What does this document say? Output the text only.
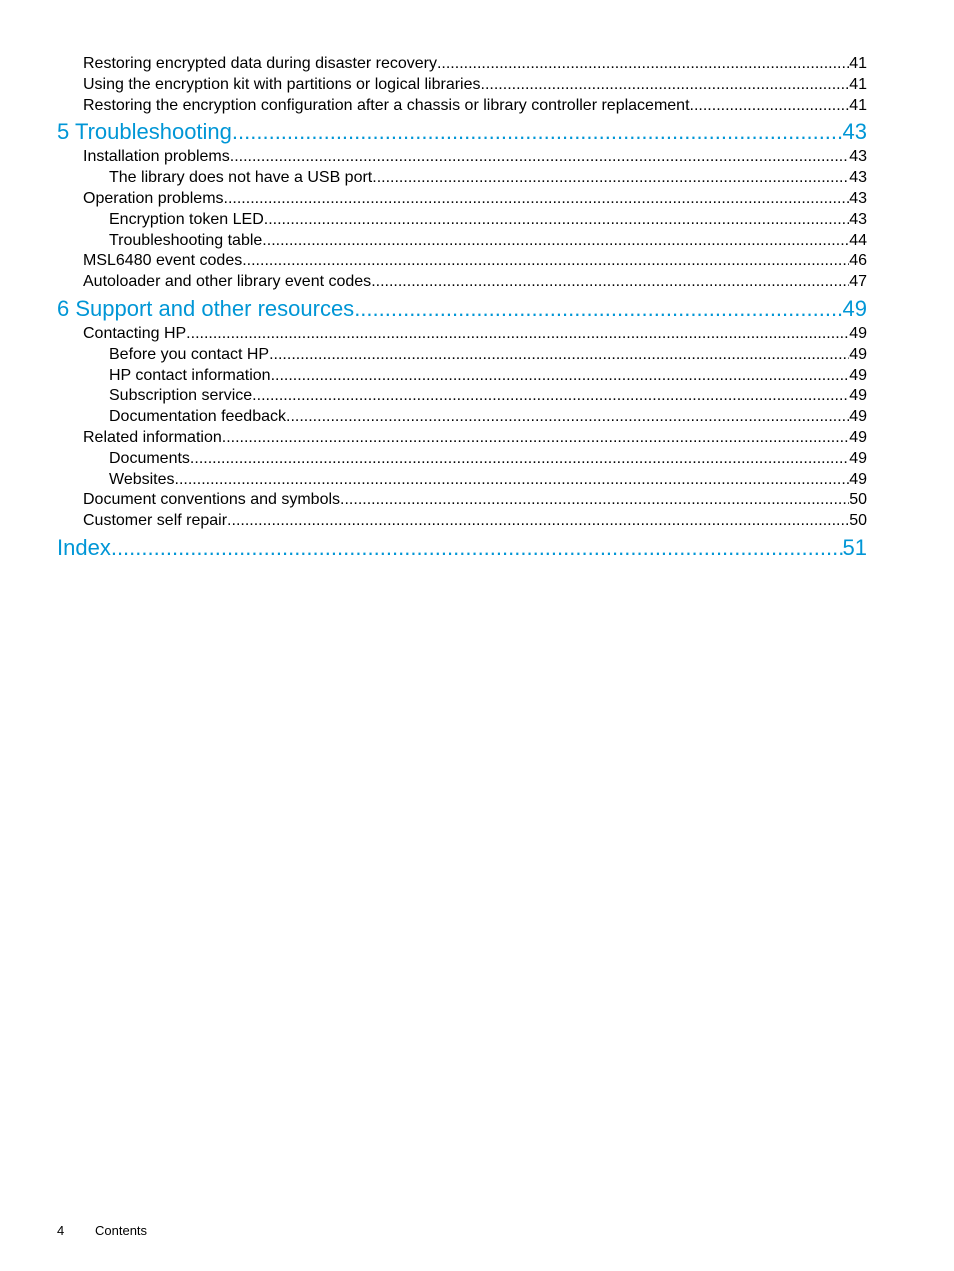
Restoring encrypted data during disaster recovery .....	41
Using the encryption kit with partitions or logical libraries .....	41
Restoring the encryption configuration after a chassis or library controller replacement .....	41
5 Troubleshooting .....	43
Installation problems .....	43
The library does not have a USB port .....	43
Operation problems .....	43
Encryption token LED .....	43
Troubleshooting table .....	44
MSL6480 event codes .....	46
Autoloader and other library event codes .....	47
6 Support and other resources .....	49
Contacting HP .....	49
Before you contact HP .....	49
HP contact information .....	49
Subscription service .....	49
Documentation feedback .....	49
Related information .....	49
Documents .....	49
Websites .....	49
Document conventions and symbols .....	50
Customer self repair .....	50
Index .....	51
4	Contents
